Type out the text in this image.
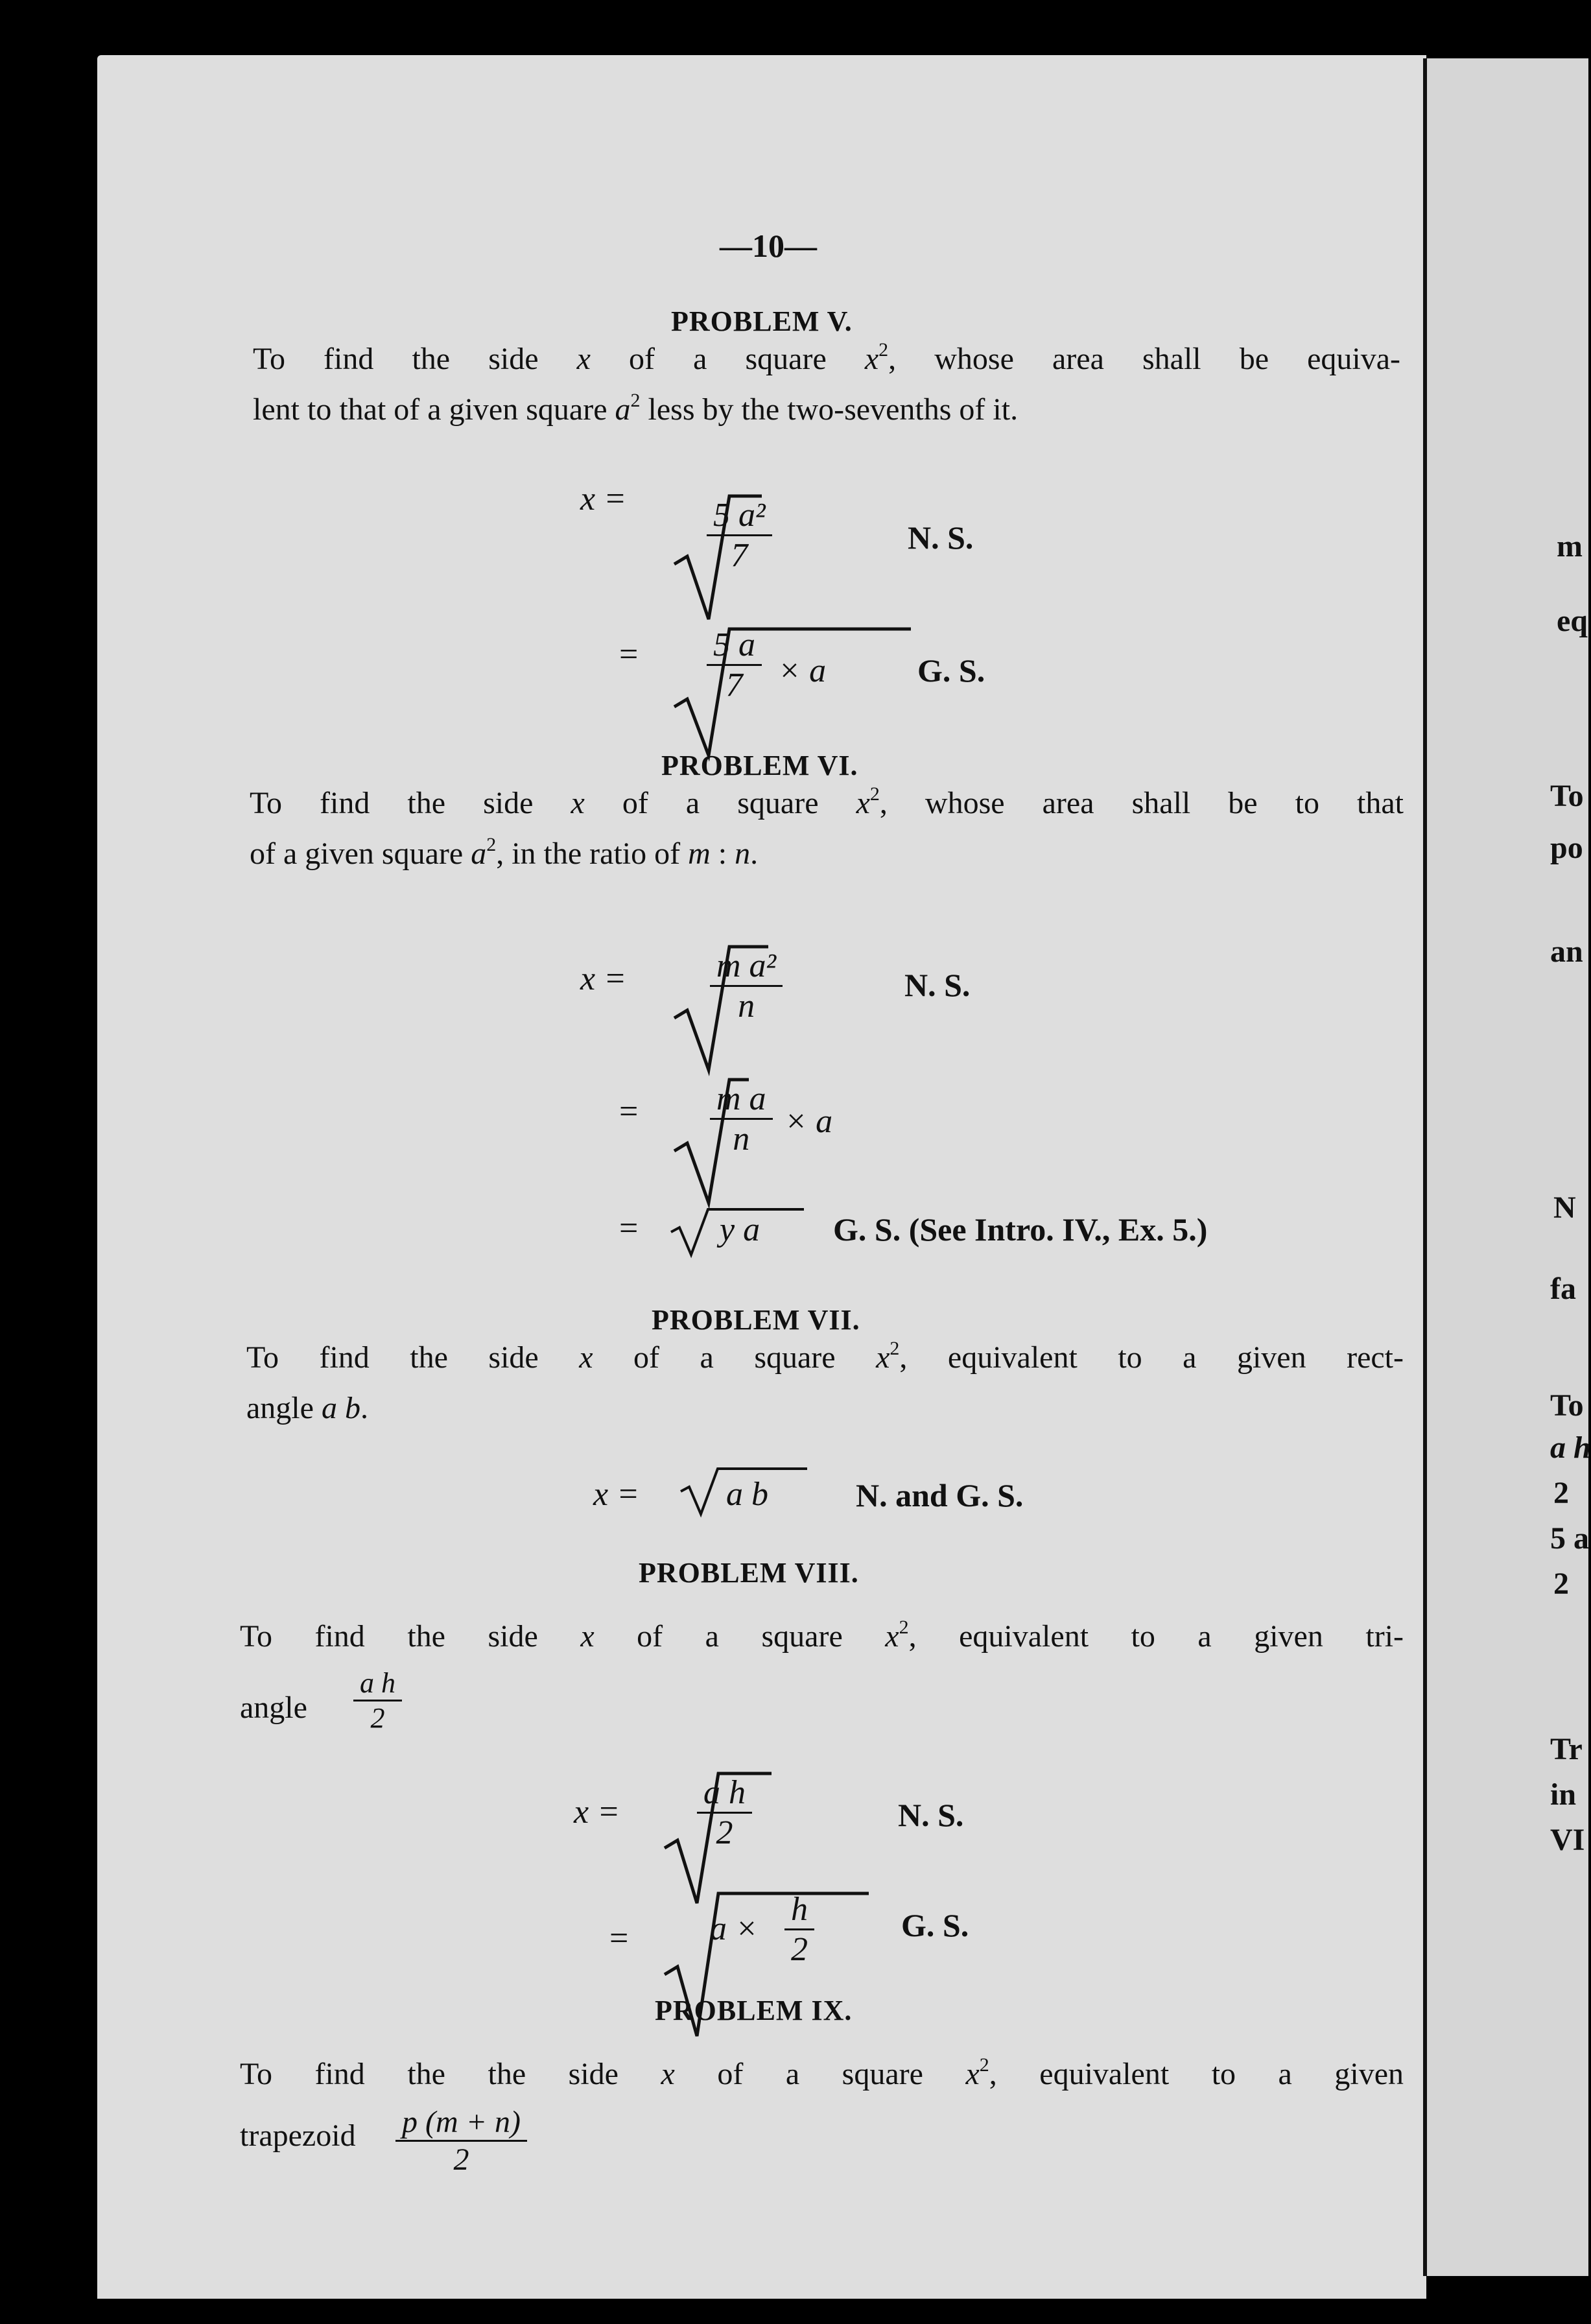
—10—
PROBLEM V.
To find the side x of a square $x^2$, whose area shall be equiva-
lent to that of a given square $a^2$ less by the two-sevenths of it.
$x = \frac{\text{5 a²}}{7}$	N. S.
= $\frac{5 a}{7} \times a$	G. S.
PROBLEM VI.
To find the side x of a square $x^2$, whose area shall be to that
of a given square $a^2$, in the ratio of m : n.
$x = \frac{\text{m a²}}{n}$	N. S.
= $\frac{\text{m a}}{n} \times a$
= y a G. S. (See Intro. IV., Ex. 5.)
PROBLEM VII.
To find the side x of a square $x^2$, equivalent to a given rect-
angle a b.
x =	a b	N. and G. S.
PROBLEM VIII.
To find the side x of a square $x^2$, equivalent to a given tri-
angle $\frac{\text{a h}}{2}$
$x = \frac{\text{a h}}{2}$	N. S.
= $a \times \frac{h}{2}$	G. S.
PROBLEM IX.
To find the the side x of a square $x^2$, equivalent to a given
trapezoid $\frac{p (m + n)}{2}$
m
eq
To
po
an
N
fa
To
a h
2
5 a
2
Tr
in
VI
